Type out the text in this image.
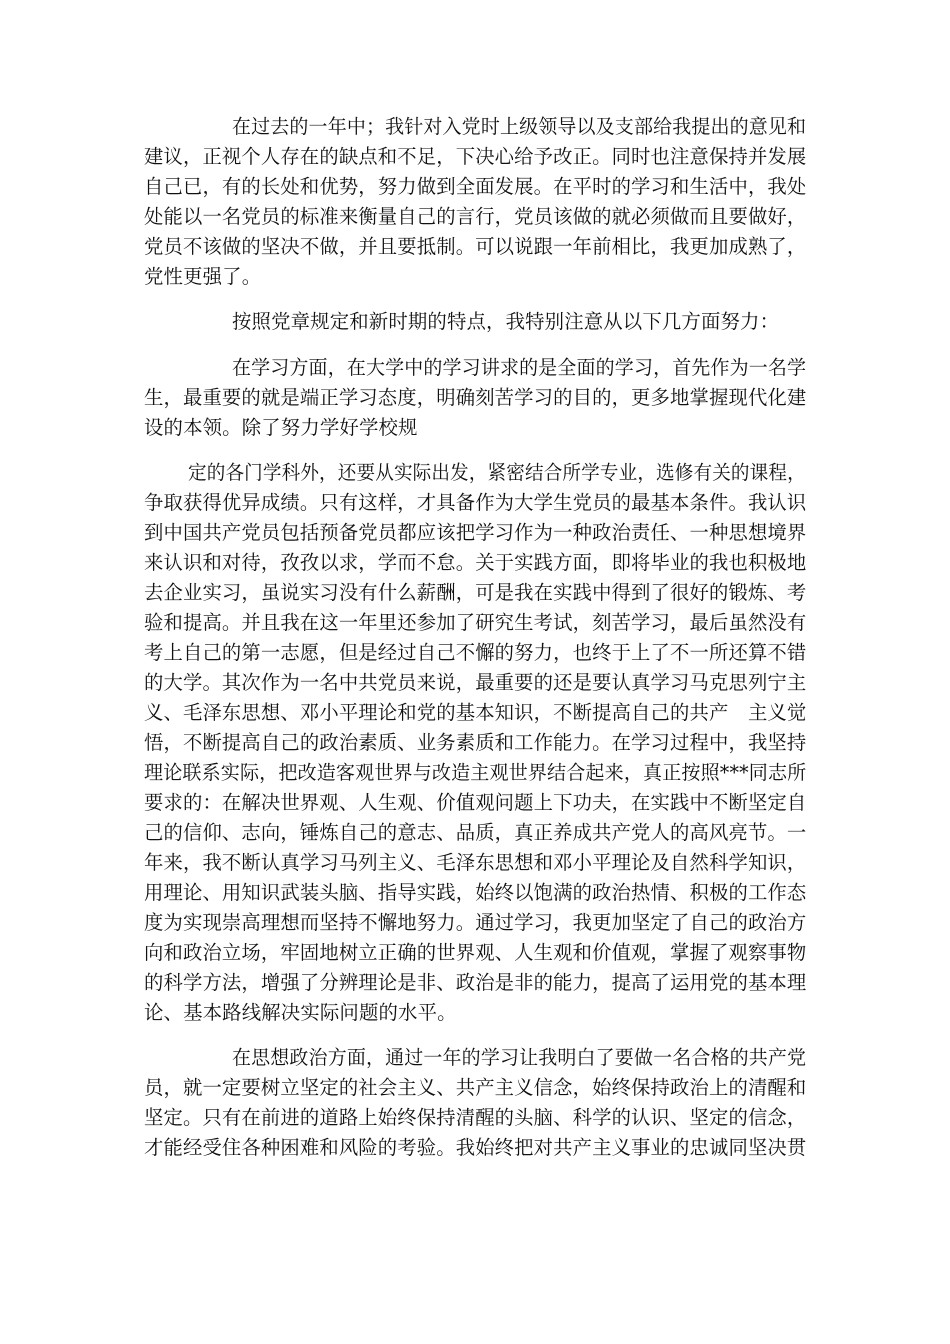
在过去的一年中；我针对入党时上级领导以及支部给我提出的意见和
建议，正视个人存在的缺点和不足，下决心给予改正。同时也注意保持并发展
自己已，有的长处和优势，努力做到全面发展。在平时的学习和生活中，我处
处能以一名党员的标准来衡量自己的言行，党员该做的就必须做而且要做好，
党员不该做的坚决不做，并且要抵制。可以说跟一年前相比，我更加成熟了，
党性更强了。
按照党章规定和新时期的特点，我特别注意从以下几方面努力：
在学习方面，在大学中的学习讲求的是全面的学习，首先作为一名学
生，最重要的就是端正学习态度，明确刻苦学习的目的，更多地掌握现代化建
设的本领。除了努力学好学校规
定的各门学科外，还要从实际出发，紧密结合所学专业，选修有关的课程，
争取获得优异成绩。只有这样，才具备作为大学生党员的最基本条件。我认识
到中国共产党员包括预备党员都应该把学习作为一种政治责任、一种思想境界
来认识和对待，孜孜以求，学而不怠。关于实践方面，即将毕业的我也积极地
去企业实习，虽说实习没有什么薪酬，可是我在实践中得到了很好的锻炼、考
验和提高。并且我在这一年里还参加了研究生考试，刻苦学习，最后虽然没有
考上自己的第一志愿，但是经过自己不懈的努力，也终于上了不一所还算不错
的大学。其次作为一名中共党员来说，最重要的还是要认真学习马克思列宁主
义、毛泽东思想、邓小平理论和党的基本知识，不断提高自己的共产　主义觉
悟，不断提高自己的政治素质、业务素质和工作能力。在学习过程中，我坚持
理论联系实际，把改造客观世界与改造主观世界结合起来，真正按照***同志所
要求的：在解决世界观、人生观、价值观问题上下功夫，在实践中不断坚定自
己的信仰、志向，锤炼自己的意志、品质，真正养成共产党人的高风亮节。一
年来，我不断认真学习马列主义、毛泽东思想和邓小平理论及自然科学知识，
用理论、用知识武装头脑、指导实践，始终以饱满的政治热情、积极的工作态
度为实现崇高理想而坚持不懈地努力。通过学习，我更加坚定了自己的政治方
向和政治立场，牢固地树立正确的世界观、人生观和价值观，掌握了观察事物
的科学方法，增强了分辨理论是非、政治是非的能力，提高了运用党的基本理
论、基本路线解决实际问题的水平。
在思想政治方面，通过一年的学习让我明白了要做一名合格的共产党
员，就一定要树立坚定的社会主义、共产主义信念，始终保持政治上的清醒和
坚定。只有在前进的道路上始终保持清醒的头脑、科学的认识、坚定的信念，
才能经受住各种困难和风险的考验。我始终把对共产主义事业的忠诚同坚决贯
